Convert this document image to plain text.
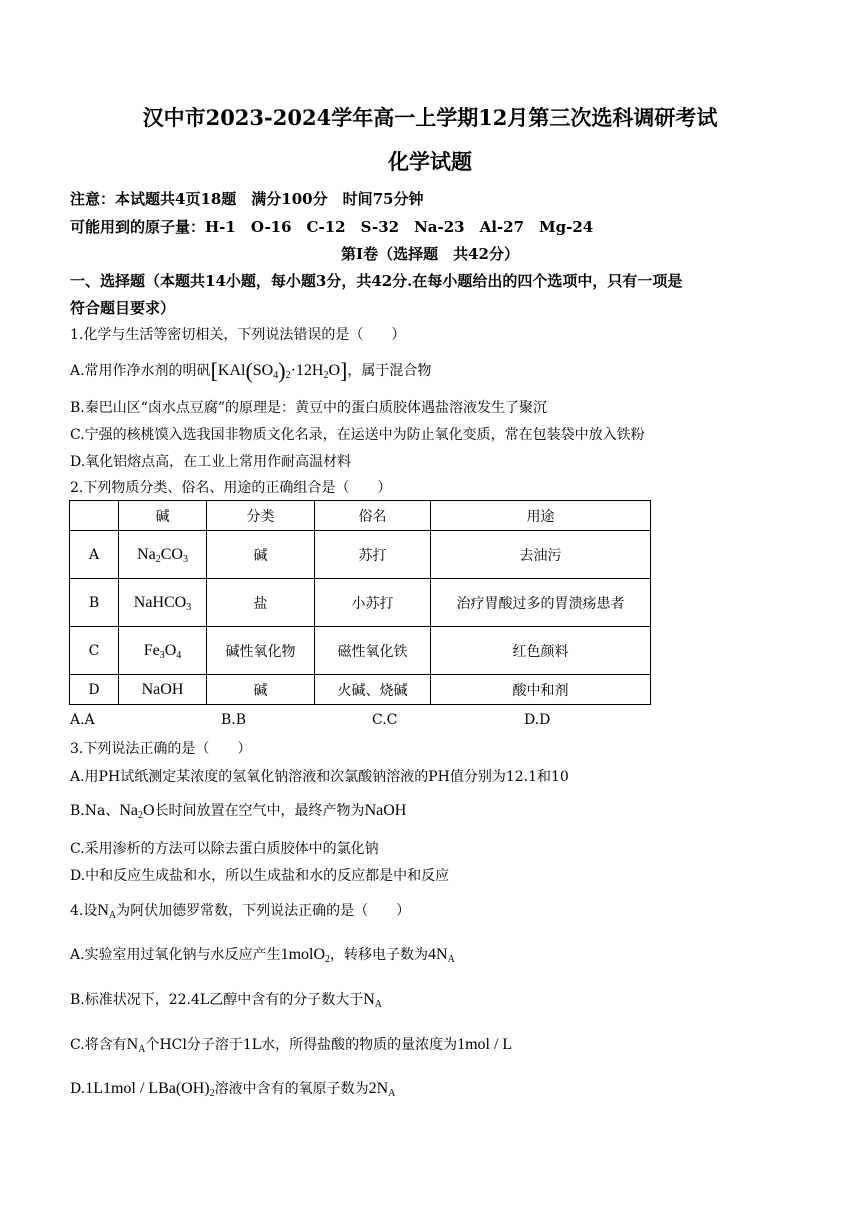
汉中市2023-2024学年高一上学期12月第三次选科调研考试
化学试题
注意：本试题共4页18题　满分100分　时间75分钟
可能用到的原子量：H-1　O-16　C-12　S-32　Na-23　Al-27　Mg-24
第Ⅰ卷（选择题　共42分）
一、选择题（本题共14小题，每小题3分，共42分.在每小题给出的四个选项中，只有一项是
符合题目要求）
1.化学与生活等密切相关，下列说法错误的是（　　）
A.常用作净水剂的明矾$[KAl(SO_4)_2\cdot 12H_2O]$，属于混合物
B.秦巴山区“卤水点豆腐”的原理是：黄豆中的蛋白质胶体遇盐溶液发生了聚沉
C.宁强的核桃馍入选我国非物质文化名录，在运送中为防止氧化变质，常在包装袋中放入铁粉
D.氧化铝熔点高，在工业上常用作耐高温材料
2.下列物质分类、俗名、用途的正确组合是（　　）
	碱	分类	俗名	用途
A	$Na_2CO_3$	碱	苏打	去油污
B	NaHCO$_3$	盐	小苏打	治疗胃酸过多的胃溃疡患者
C	$Fe_3O_4$	碱性氧化物	磁性氧化铁	红色颜料
D	NaOH	碱	火碱、烧碱	酸中和剂
A.A	B.B	C.C	D.D
3.下列说法正确的是（　　）
A.用PH试纸测定某浓度的氢氧化钠溶液和次氯酸钠溶液的PH值分别为12.1和10
B.Na、$Na_2O$长时间放置在空气中，最终产物为NaOH
C.采用渗析的方法可以除去蛋白质胶体中的氯化钠
D.中和反应生成盐和水，所以生成盐和水的反应都是中和反应
4.设$N_A$为阿伏加德罗常数，下列说法正确的是（　　）
A.实验室用过氧化钠与水反应产生1molO$_2$，转移电子数为$4N_A$
B.标准状况下，22.4L乙醇中含有的分子数大于$N_A$
C.将含有$N_A$个HCl分子溶于1L水，所得盐酸的物质的量浓度为1mol / L
$D.1L1mol / LBa(OH)_2$溶液中含有的氧原子数为$2N_A$
